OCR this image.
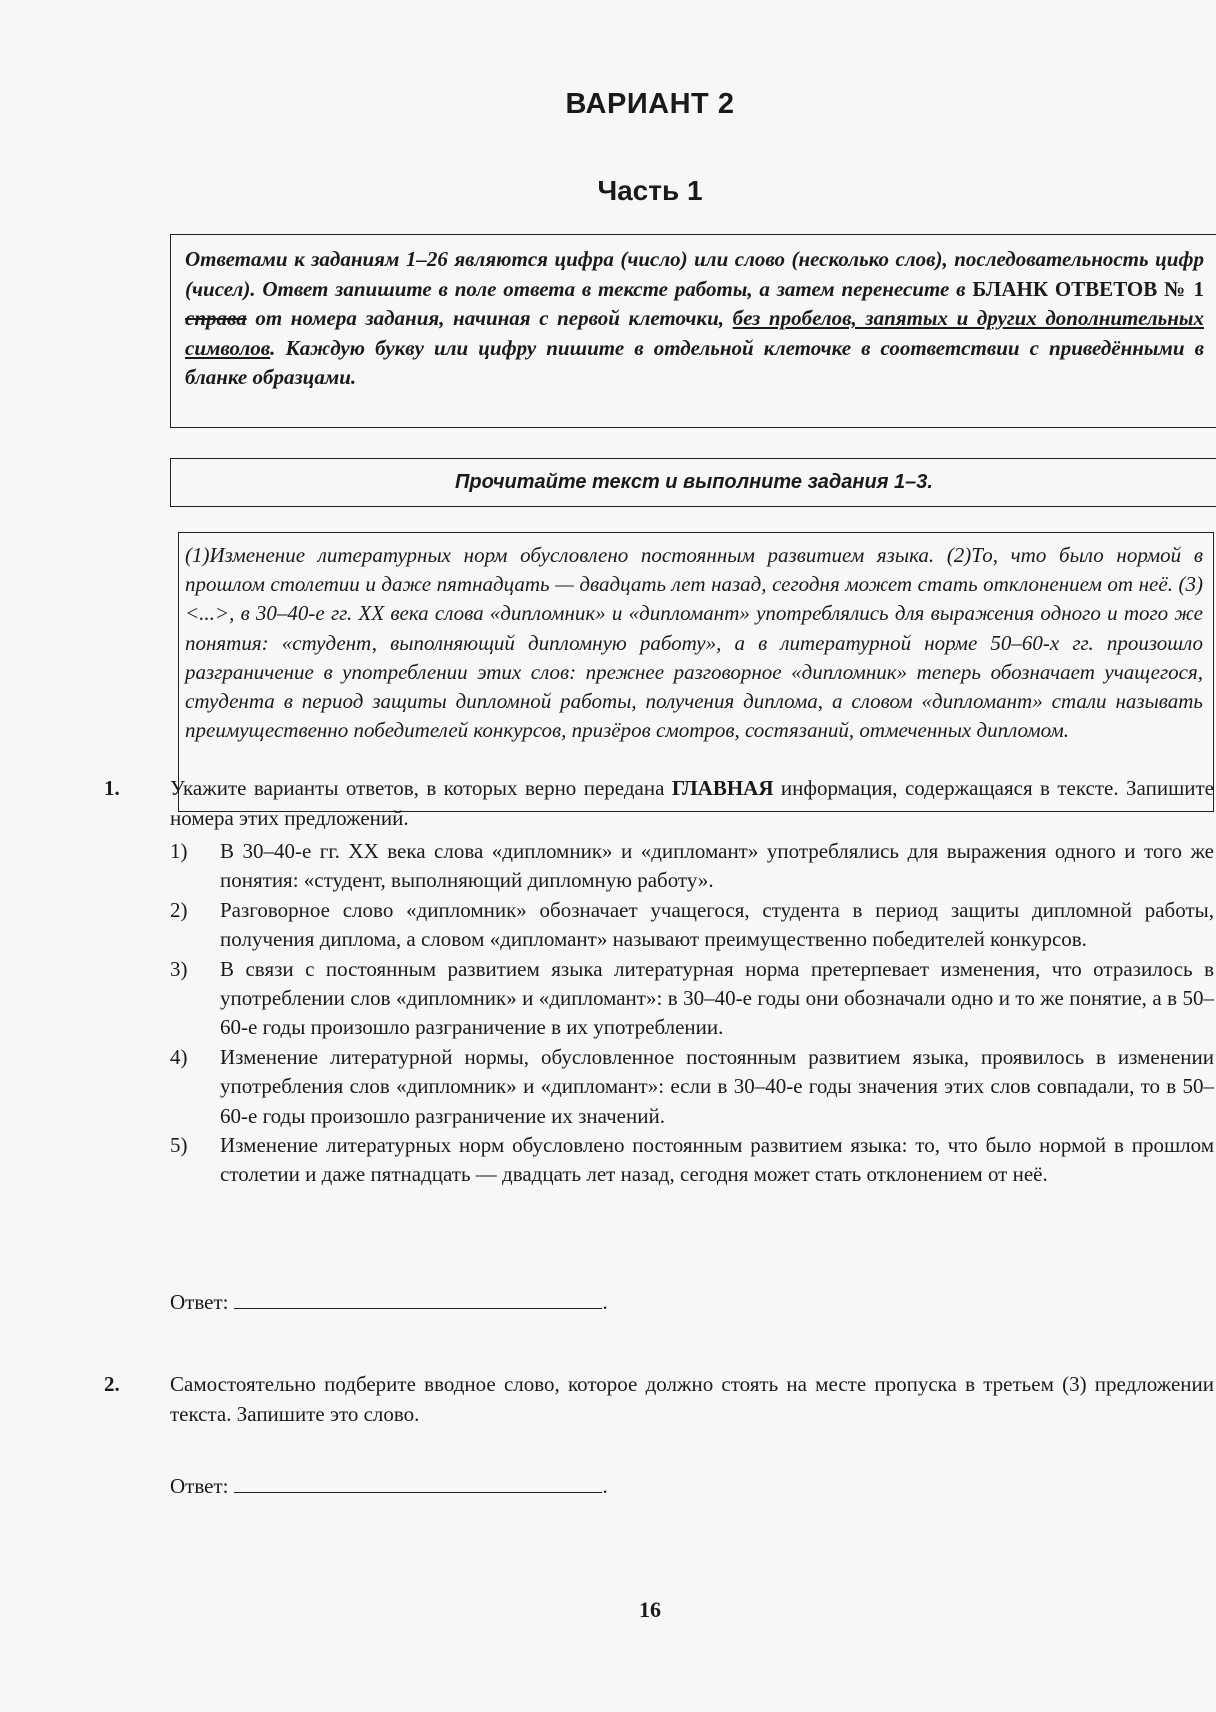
ВАРИАНТ 2
Часть 1
Ответами к заданиям 1–26 являются цифра (число) или слово (несколько слов), последовательность цифр (чисел). Ответ запишите в поле ответа в тексте работы, а затем перенесите в БЛАНК ОТВЕТОВ № 1 справа от номера задания, начиная с первой клеточки, без пробелов, запятых и других дополнительных символов. Каждую букву или цифру пишите в отдельной клеточке в соответствии с приведёнными в бланке образцами.
Прочитайте текст и выполните задания 1–3.
(1)Изменение литературных норм обусловлено постоянным развитием языка. (2)То, что было нормой в прошлом столетии и даже пятнадцать — двадцать лет назад, сегодня может стать отклонением от неё. (3)<...>, в 30–40-е гг. XX века слова «дипломник» и «дипломант» употреблялись для выражения одного и того же понятия: «студент, выполняющий дипломную работу», а в литературной норме 50–60-х гг. произошло разграничение в употреблении этих слов: прежнее разговорное «дипломник» теперь обозначает учащегося, студента в период защиты дипломной работы, получения диплома, а словом «дипломант» стали называть преимущественно победителей конкурсов, призёров смотров, состязаний, отмеченных дипломом.
1. Укажите варианты ответов, в которых верно передана ГЛАВНАЯ информация, содержащаяся в тексте. Запишите номера этих предложений.
1) В 30–40-е гг. XX века слова «дипломник» и «дипломант» употреблялись для выражения одного и того же понятия: «студент, выполняющий дипломную работу».
2) Разговорное слово «дипломник» обозначает учащегося, студента в период защиты дипломной работы, получения диплома, а словом «дипломант» называют преимущественно победителей конкурсов.
3) В связи с постоянным развитием языка литературная норма претерпевает изменения, что отразилось в употреблении слов «дипломник» и «дипломант»: в 30–40-е годы они обозначали одно и то же понятие, а в 50–60-е годы произошло разграничение в их употреблении.
4) Изменение литературной нормы, обусловленное постоянным развитием языка, проявилось в изменении употребления слов «дипломник» и «дипломант»: если в 30–40-е годы значения этих слов совпадали, то в 50–60-е годы произошло разграничение их значений.
5) Изменение литературных норм обусловлено постоянным развитием языка: то, что было нормой в прошлом столетии и даже пятнадцать — двадцать лет назад, сегодня может стать отклонением от неё.
Ответ:	.
2. Самостоятельно подберите вводное слово, которое должно стоять на месте пропуска в третьем (3) предложении текста. Запишите это слово.
Ответ:	.
16
